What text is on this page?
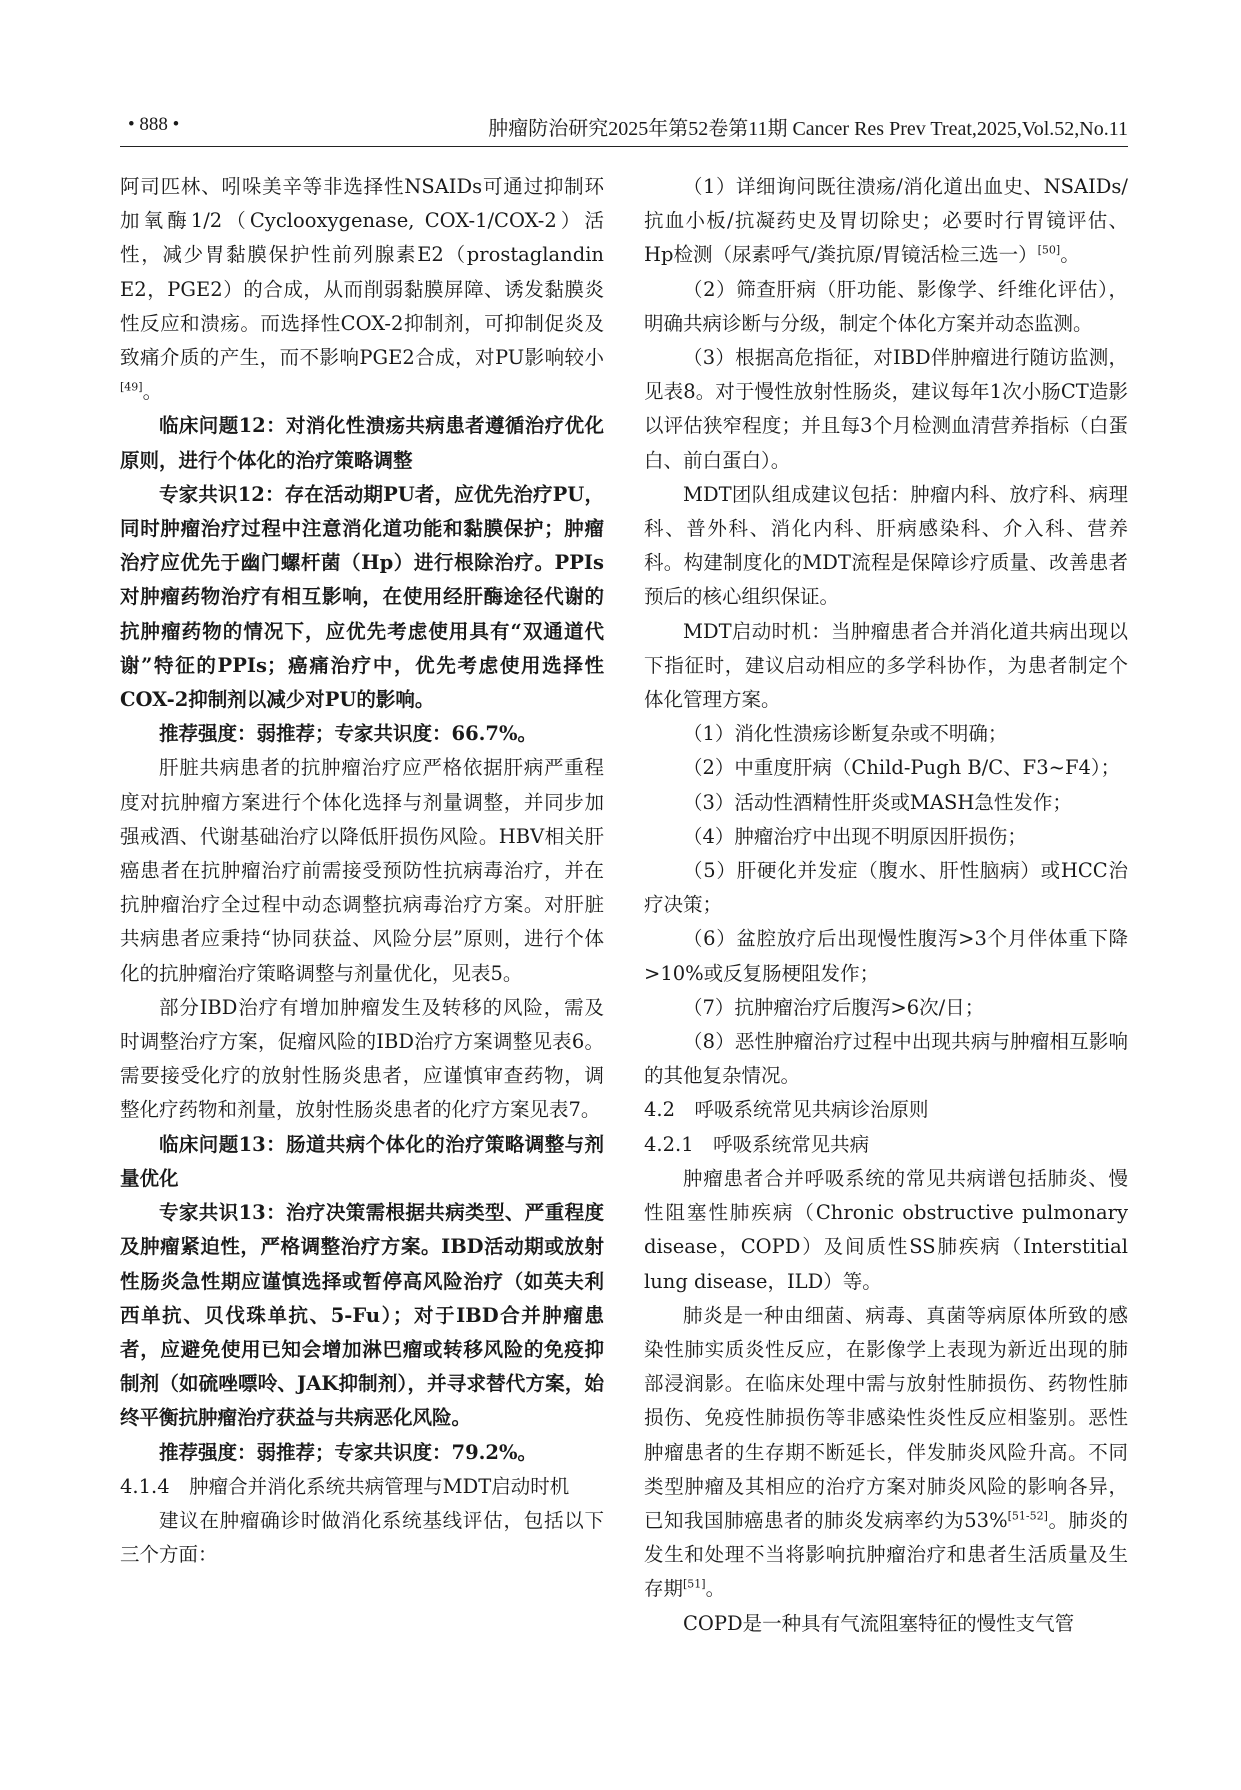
• 888 •	肿瘤防治研究2025年第52卷第11期 Cancer Res Prev Treat,2025,Vol.52,No.11

阿司匹林、吲哚美辛等非选择性NSAIDs可通过抑制环加氧酶1/2（Cyclooxygenase, COX-1/COX-2）活性，减少胃黏膜保护性前列腺素E2（prostaglandin E2，PGE2）的合成，从而削弱黏膜屏障、诱发黏膜炎性反应和溃疡。而选择性COX-2抑制剂，可抑制促炎及致痛介质的产生，而不影响PGE2合成，对PU影响较小[49]。

临床问题12：对消化性溃疡共病患者遵循治疗优化原则，进行个体化的治疗策略调整

专家共识12：存在活动期PU者，应优先治疗PU，同时肿瘤治疗过程中注意消化道功能和黏膜保护；肿瘤治疗应优先于幽门螺杆菌（Hp）进行根除治疗。PPIs对肿瘤药物治疗有相互影响，在使用经肝酶途径代谢的抗肿瘤药物的情况下，应优先考虑使用具有“双通道代谢”特征的PPIs；癌痛治疗中，优先考虑使用选择性COX-2抑制剂以减少对PU的影响。

推荐强度：弱推荐；专家共识度：66.7%。

肝脏共病患者的抗肿瘤治疗应严格依据肝病严重程度对抗肿瘤方案进行个体化选择与剂量调整，并同步加强戒酒、代谢基础治疗以降低肝损伤风险。HBV相关肝癌患者在抗肿瘤治疗前需接受预防性抗病毒治疗，并在抗肿瘤治疗全过程中动态调整抗病毒治疗方案。对肝脏共病患者应秉持“协同获益、风险分层”原则，进行个体化的抗肿瘤治疗策略调整与剂量优化，见表5。

部分IBD治疗有增加肿瘤发生及转移的风险，需及时调整治疗方案，促瘤风险的IBD治疗方案调整见表6。需要接受化疗的放射性肠炎患者，应谨慎审查药物，调整化疗药物和剂量，放射性肠炎患者的化疗方案见表7。

临床问题13：肠道共病个体化的治疗策略调整与剂量优化

专家共识13：治疗决策需根据共病类型、严重程度及肿瘤紧迫性，严格调整治疗方案。IBD活动期或放射性肠炎急性期应谨慎选择或暂停高风险治疗（如英夫利西单抗、贝伐珠单抗、5-Fu）；对于IBD合并肿瘤患者，应避免使用已知会增加淋巴瘤或转移风险的免疫抑制剂（如硫唑嘌呤、JAK抑制剂），并寻求替代方案，始终平衡抗肿瘤治疗获益与共病恶化风险。

推荐强度：弱推荐；专家共识度：79.2%。

4.1.4　肿瘤合并消化系统共病管理与MDT启动时机

建议在肿瘤确诊时做消化系统基线评估，包括以下三个方面：

（1）详细询问既往溃疡/消化道出血史、NSAIDs/抗血小板/抗凝药史及胃切除史；必要时行胃镜评估、Hp检测（尿素呼气/粪抗原/胃镜活检三选一）[50]。

（2）筛查肝病（肝功能、影像学、纤维化评估），明确共病诊断与分级，制定个体化方案并动态监测。

（3）根据高危指征，对IBD伴肿瘤进行随访监测，见表8。对于慢性放射性肠炎，建议每年1次小肠CT造影以评估狭窄程度；并且每3个月检测血清营养指标（白蛋白、前白蛋白）。

MDT团队组成建议包括：肿瘤内科、放疗科、病理科、普外科、消化内科、肝病感染科、介入科、营养科。构建制度化的MDT流程是保障诊疗质量、改善患者预后的核心组织保证。

MDT启动时机：当肿瘤患者合并消化道共病出现以下指征时，建议启动相应的多学科协作，为患者制定个体化管理方案。

（1）消化性溃疡诊断复杂或不明确；

（2）中重度肝病（Child-Pugh B/C、F3~F4）；

（3）活动性酒精性肝炎或MASH急性发作；

（4）肿瘤治疗中出现不明原因肝损伤；

（5）肝硬化并发症（腹水、肝性脑病）或HCC治疗决策；

（6）盆腔放疗后出现慢性腹泻>3个月伴体重下降>10%或反复肠梗阻发作；

（7）抗肿瘤治疗后腹泻>6次/日；

（8）恶性肿瘤治疗过程中出现共病与肿瘤相互影响的其他复杂情况。

4.2　呼吸系统常见共病诊治原则

4.2.1　呼吸系统常见共病

肿瘤患者合并呼吸系统的常见共病谱包括肺炎、慢性阻塞性肺疾病（Chronic obstructive pulmonary disease，COPD）及间质性SS肺疾病（Interstitial lung disease，ILD）等。

肺炎是一种由细菌、病毒、真菌等病原体所致的感染性肺实质炎性反应，在影像学上表现为新近出现的肺部浸润影。在临床处理中需与放射性肺损伤、药物性肺损伤、免疫性肺损伤等非感染性炎性反应相鉴别。恶性肿瘤患者的生存期不断延长，伴发肺炎风险升高。不同类型肿瘤及其相应的治疗方案对肺炎风险的影响各异，已知我国肺癌患者的肺炎发病率约为53%[51-52]。肺炎的发生和处理不当将影响抗肿瘤治疗和患者生活质量及生存期[51]。

COPD是一种具有气流阻塞特征的慢性支气管
